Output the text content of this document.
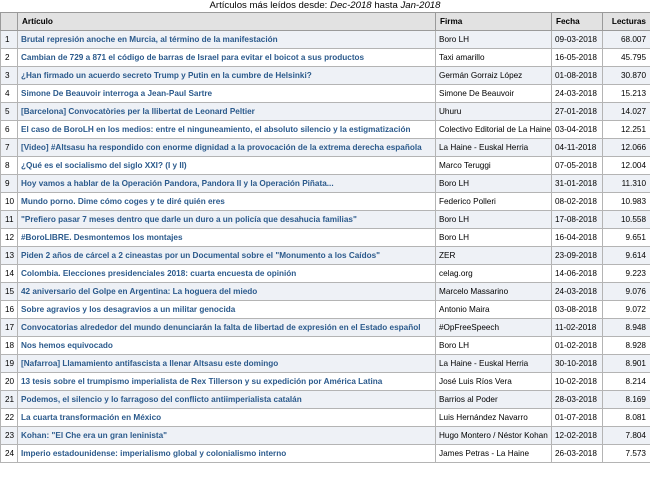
Artículos más leídos desde: Dec-2018 hasta Jan-2018
	Artículo	Firma	Fecha	Lecturas
1	Brutal represión anoche en Murcia, al término de la manifestación	Boro LH	09-03-2018	68.007
2	Cambian de 729 a 871 el código de barras de Israel para evitar el boicot a sus productos	Taxi amarillo	16-05-2018	45.795
3	¿Han firmado un acuerdo secreto Trump y Putin en la cumbre de Helsinki?	Germán Gorraiz López	01-08-2018	30.870
4	Simone De Beauvoir interroga a Jean-Paul Sartre	Simone De Beauvoir	24-03-2018	15.213
5	[Barcelona] Convocatòries per la llibertat de Leonard Peltier	Uhuru	27-01-2018	14.027
6	El caso de BoroLH en los medios: entre el ninguneamiento, el absoluto silencio y la estigmatización	Colectivo Editorial de La Haine	03-04-2018	12.251
7	[Video] #Altsasu ha respondido con enorme dignidad a la provocación de la extrema derecha española	La Haine - Euskal Herria	04-11-2018	12.066
8	¿Qué es el socialismo del siglo XXI? (I y II)	Marco Teruggi	07-05-2018	12.004
9	Hoy vamos a hablar de la Operación Pandora, Pandora II y la Operación Piñata...	Boro LH	31-01-2018	11.310
10	Mundo porno. Dime cómo coges y te diré quién eres	Federico Polleri	08-02-2018	10.983
11	"Prefiero pasar 7 meses dentro que darle un duro a un policía que desahucia familias"	Boro LH	17-08-2018	10.558
12	#BoroLIBRE. Desmontemos los montajes	Boro LH	16-04-2018	9.651
13	Piden 2 años de cárcel a 2 cineastas por un Documental sobre el "Monumento a los Caídos"	ZER	23-09-2018	9.614
14	Colombia. Elecciones presidenciales 2018: cuarta encuesta de opinión	celag.org	14-06-2018	9.223
15	42 aniversario del Golpe en Argentina: La hoguera del miedo	Marcelo Massarino	24-03-2018	9.076
16	Sobre agravios y los desagravios a un militar genocida	Antonio Maira	03-08-2018	9.072
17	Convocatorias alrededor del mundo denunciarán la falta de libertad de expresión en el Estado español	#OpFreeSpeech	11-02-2018	8.948
18	Nos hemos equivocado	Boro LH	01-02-2018	8.928
19	[Nafarroa] Llamamiento antifascista a llenar Altsasu este domingo	La Haine - Euskal Herria	30-10-2018	8.901
20	13 tesis sobre el trumpismo imperialista de Rex Tillerson y su expedición por América Latina	José Luis Ríos Vera	10-02-2018	8.214
21	Podemos, el silencio y lo farragoso del conflicto antiimperialista catalán	Barrios al Poder	28-03-2018	8.169
22	La cuarta transformación en México	Luis Hernández Navarro	01-07-2018	8.081
23	Kohan: "El Che era un gran leninista"	Hugo Montero / Néstor Kohan	12-02-2018	7.804
24	Imperio estadounidense: imperialismo global y colonialismo interno	James Petras - La Haine	26-03-2018	7.573
